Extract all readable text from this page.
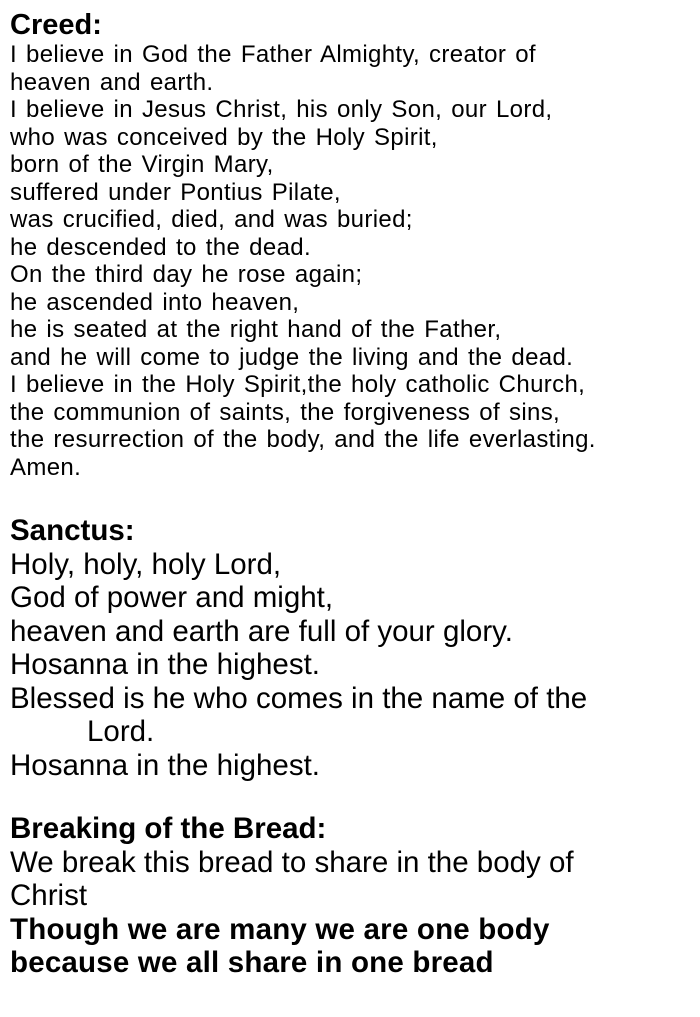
Creed:

I believe in God the Father Almighty, creator of

heaven and earth.

I believe in Jesus Christ, his only Son, our Lord,

who was conceived by the Holy Spirit,

born of the Virgin Mary,

suffered under Pontius Pilate,

was crucified, died, and was buried;

he descended to the dead.

On the third day he rose again;

he ascended into heaven,

he is seated at the right hand of the Father,

and he will come to judge the living and the dead.

I believe in the Holy Spirit,the holy catholic Church,

the communion of saints, the forgiveness of sins,

the resurrection of the body, and the life everlasting.

Amen.

Sanctus:

Holy, holy, holy Lord,

God of power and might,

heaven and earth are full of your glory.

Hosanna in the highest.

Blessed is he who comes in the name of the

Lord.

Hosanna in the highest.

Breaking of the Bread:

We break this bread to share in the body of

Christ

Though we are many we are one body

because we all share in one bread
